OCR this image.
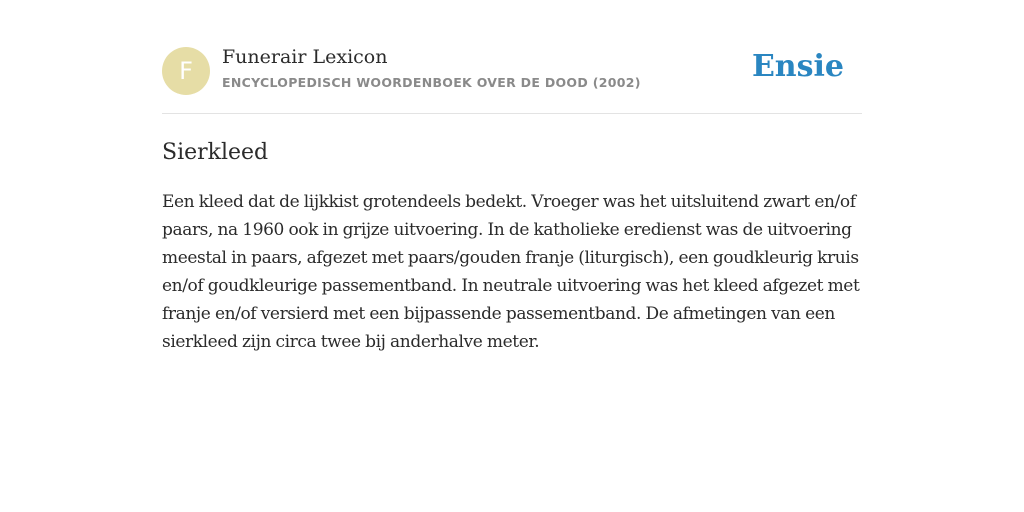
F	Funerair Lexicon
ENCYCLOPEDISCH WOORDENBOEK OVER DE DOOD (2002)	Ensie
Sierkleed

Een kleed dat de lijkkist grotendeels bedekt. Vroeger was het uitsluitend zwart en/of paars, na 1960 ook in grijze uitvoering. In de katholieke eredienst was de uitvoering meestal in paars, afgezet met paars/gouden franje (liturgisch), een goudkleurig kruis en/of goudkleurige passementband. In neutrale uitvoering was het kleed afgezet met franje en/of versierd met een bijpassende passementband. De afmetingen van een sierkleed zijn circa twee bij anderhalve meter.
